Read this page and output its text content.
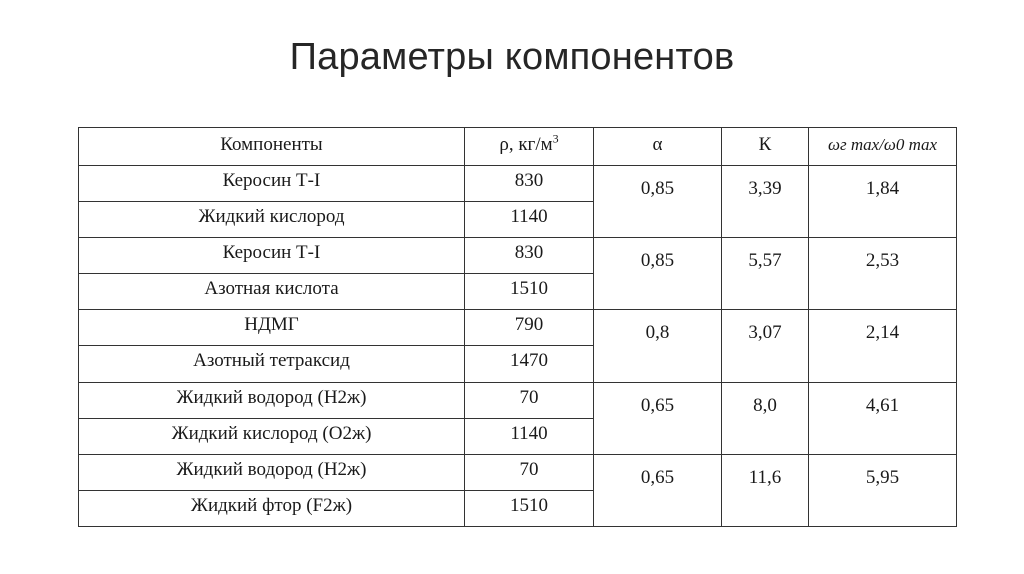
Параметры компонентов
Компоненты	ρ, $кг/м^3$	α	К	ωг max/ω0 max
Керосин Т-I	830	0,85	3,39	1,84
Жидкий кислород	1140			
Керосин Т-I	830	0,85	5,57	2,53
Азотная кислота	1510			
НДМГ	790	0,8	3,07	2,14
Азотный тетраксид	1470			
Жидкий водород (H2ж)	70	0,65	8,0	4,61
Жидкий кислород (O2ж)	1140			
Жидкий водород (H2ж)	70	0,65	11,6	5,95
Жидкий фтор (F2ж)	1510			
